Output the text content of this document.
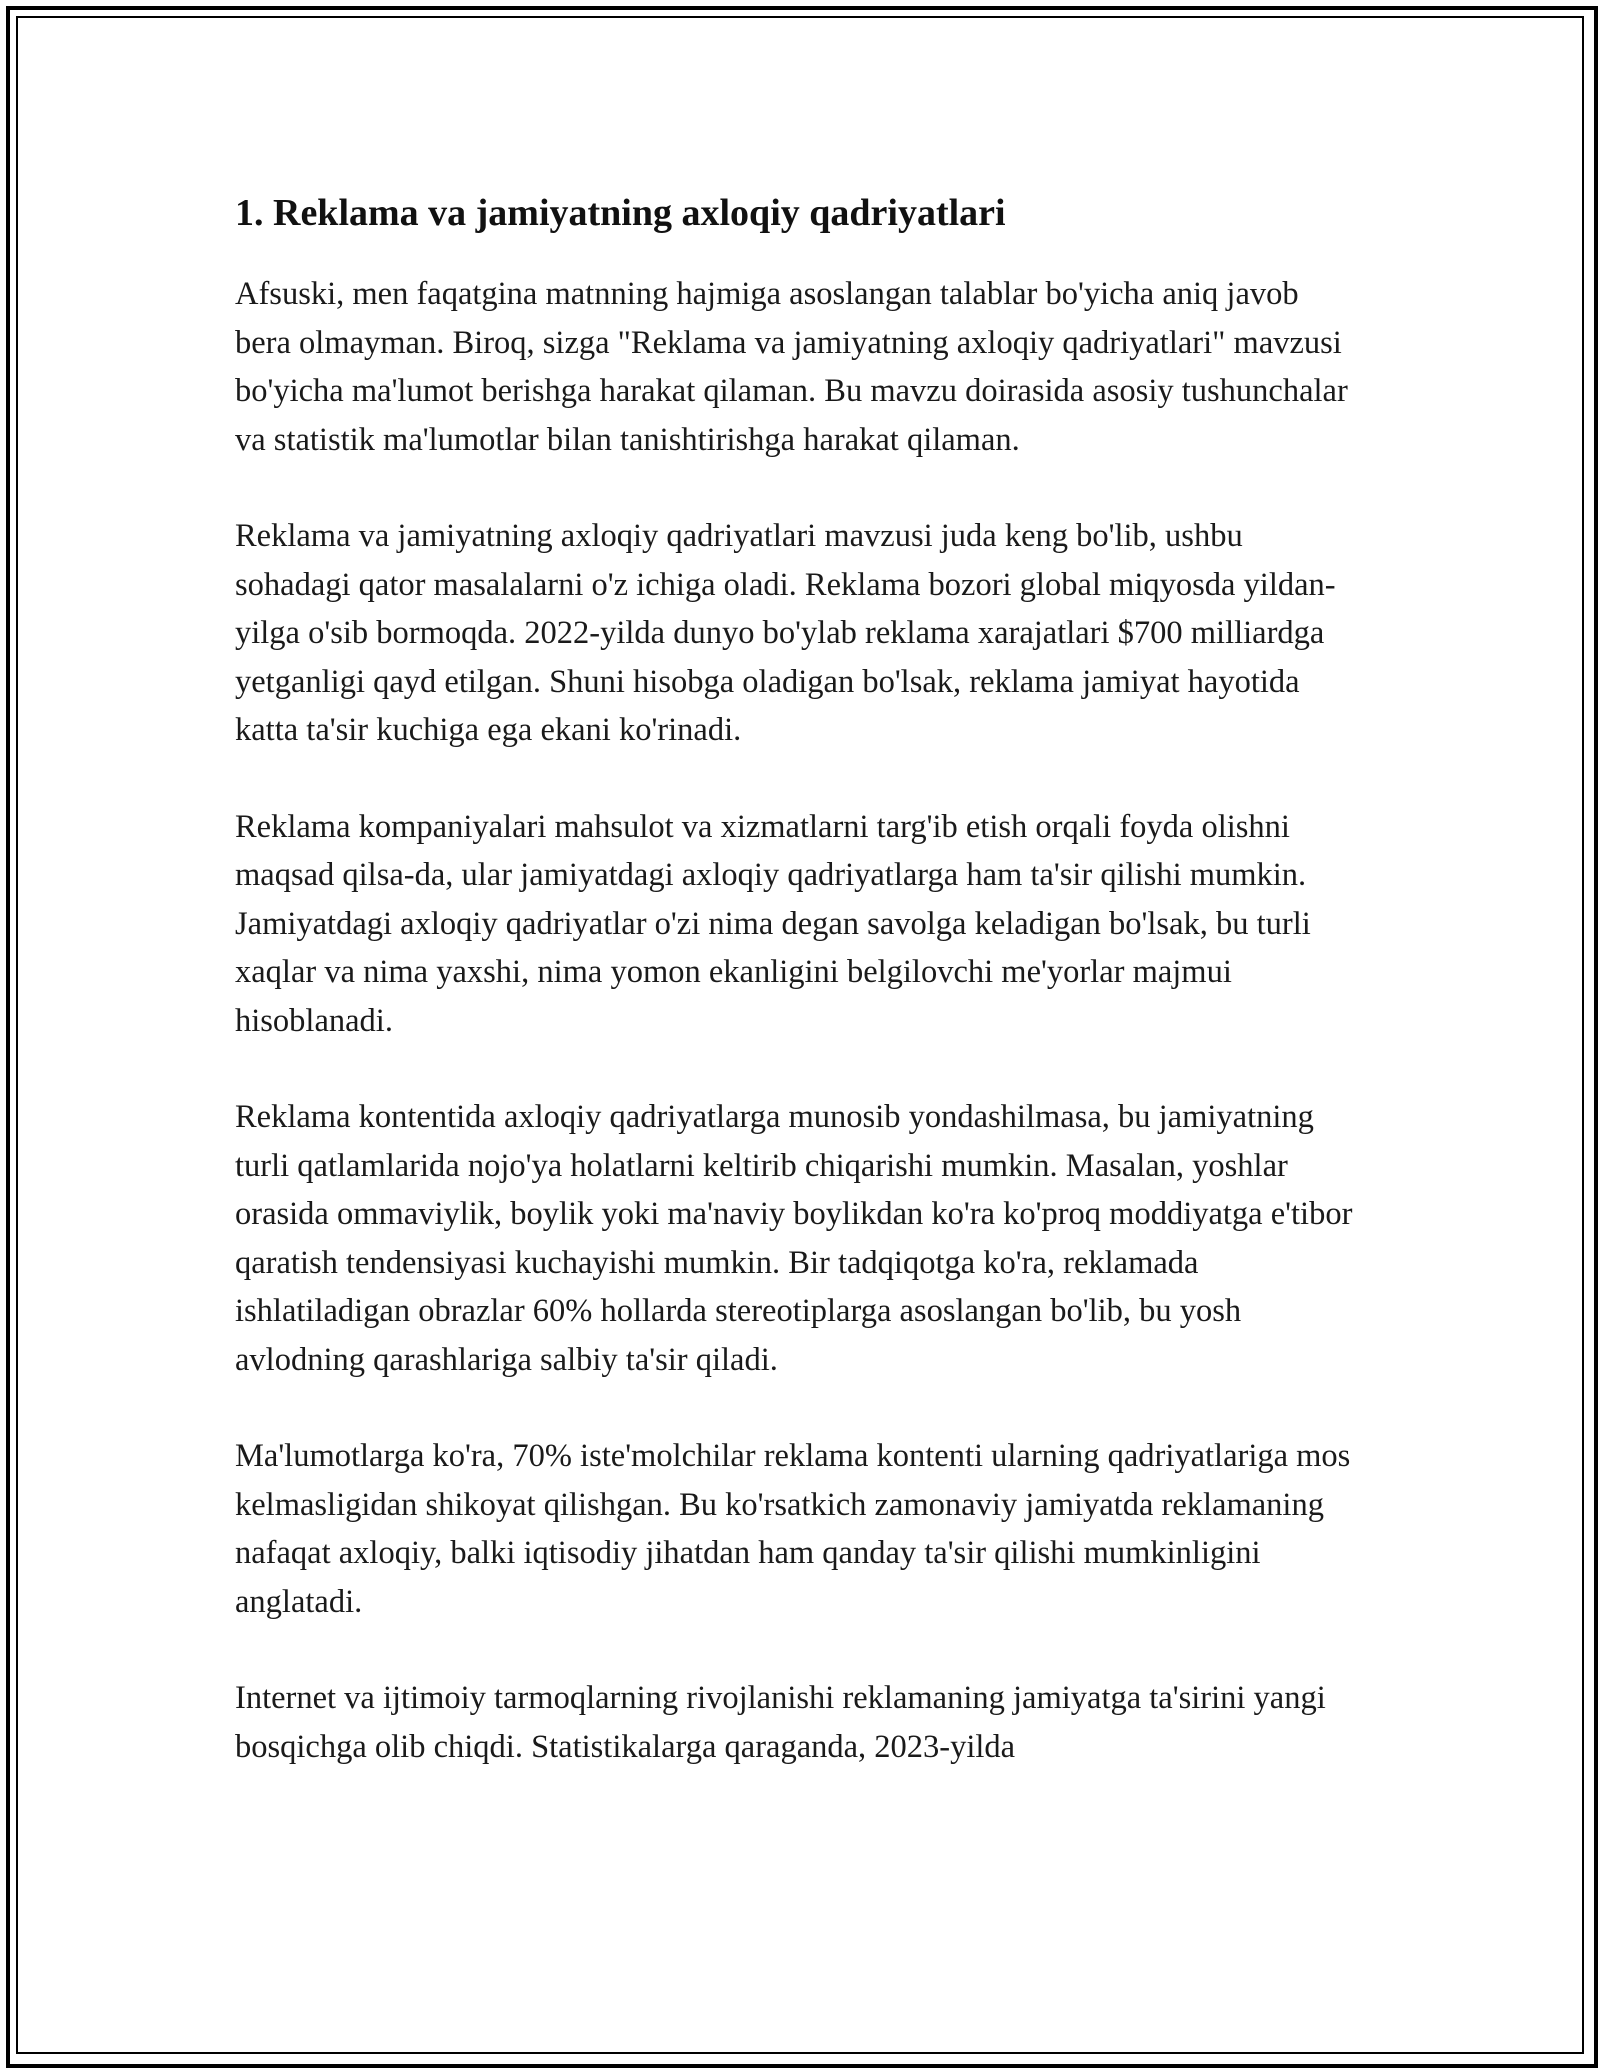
1. Reklama va jamiyatning axloqiy qadriyatlari

Afsuski, men faqatgina matnning hajmiga asoslangan talablar bo'yicha aniq javob bera olmayman. Biroq, sizga "Reklama va jamiyatning axloqiy qadriyatlari" mavzusi bo'yicha ma'lumot berishga harakat qilaman. Bu mavzu doirasida asosiy tushunchalar va statistik ma'lumotlar bilan tanishtirishga harakat qilaman.

Reklama va jamiyatning axloqiy qadriyatlari mavzusi juda keng bo'lib, ushbu sohadagi qator masalalarni o'z ichiga oladi. Reklama bozori global miqyosda yildan-yilga o'sib bormoqda. 2022-yilda dunyo bo'ylab reklama xarajatlari $700 milliardga yetganligi qayd etilgan. Shuni hisobga oladigan bo'lsak, reklama jamiyat hayotida katta ta'sir kuchiga ega ekani ko'rinadi.

Reklama kompaniyalari mahsulot va xizmatlarni targ'ib etish orqali foyda olishni maqsad qilsa-da, ular jamiyatdagi axloqiy qadriyatlarga ham ta'sir qilishi mumkin. Jamiyatdagi axloqiy qadriyatlar o'zi nima degan savolga keladigan bo'lsak, bu turli xaqlar va nima yaxshi, nima yomon ekanligini belgilovchi me'yorlar majmui hisoblanadi.

Reklama kontentida axloqiy qadriyatlarga munosib yondashilmasa, bu jamiyatning turli qatlamlarida nojo'ya holatlarni keltirib chiqarishi mumkin. Masalan, yoshlar orasida ommaviylik, boylik yoki ma'naviy boylikdan ko'ra ko'proq moddiyatga e'tibor qaratish tendensiyasi kuchayishi mumkin. Bir tadqiqotga ko'ra, reklamada ishlatiladigan obrazlar 60% hollarda stereotiplarga asoslangan bo'lib, bu yosh avlodning qarashlariga salbiy ta'sir qiladi.

Ma'lumotlarga ko'ra, 70% iste'molchilar reklama kontenti ularning qadriyatlariga mos kelmasligidan shikoyat qilishgan. Bu ko'rsatkich zamonaviy jamiyatda reklamaning nafaqat axloqiy, balki iqtisodiy jihatdan ham qanday ta'sir qilishi mumkinligini anglatadi.

Internet va ijtimoiy tarmoqlarning rivojlanishi reklamaning jamiyatga ta'sirini yangi bosqichga olib chiqdi. Statistikalarga qaraganda, 2023-yilda
